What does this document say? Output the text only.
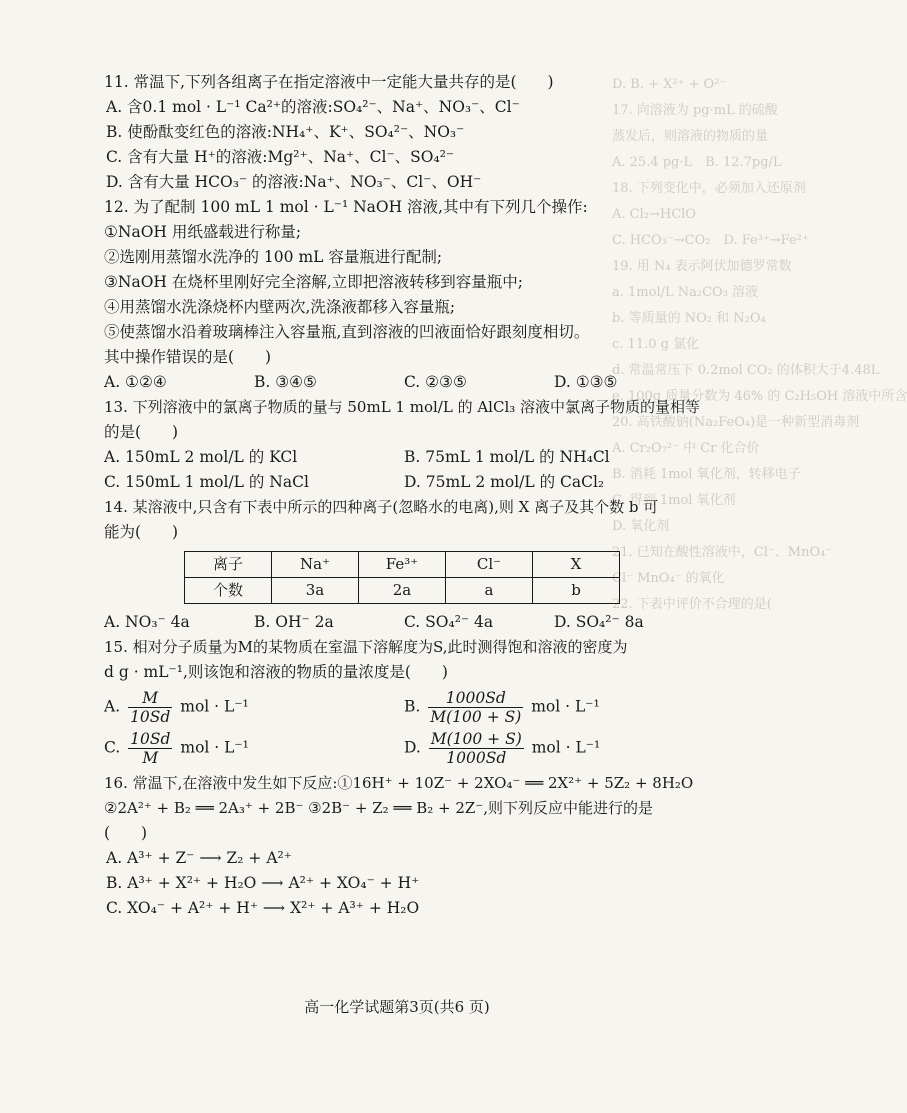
D. B. + X²⁺ + O²⁻
17. 向溶液为 pg·mL 的硫酸
蒸发后，则溶液的物质的量
A. 25.4 pg·L　B. 12.7pg/L
18. 下列变化中，必须加入还原剂
A. Cl₂→HClO
C. HCO₃⁻→CO₂　D. Fe³⁺→Fe²⁺
19. 用 N₄ 表示阿伏加德罗常数
a. 1mol/L Na₂CO₃ 溶液
b. 等质量的 NO₂ 和 N₂O₄
c. 11.0 g 氯化
d. 常温常压下 0.2mol CO₂ 的体积大于4.48L
e. 100g 质量分数为 46% 的 C₂H₅OH 溶液中所含
20. 高铁酸钠(Na₂FeO₄)是一种新型消毒剂
A. Cr₂O₇²⁻ 中 Cr 化合价
B. 消耗 1mol 氧化剂，转移电子
C. 得到 1mol 氧化剂
D. 氧化剂
21. 已知在酸性溶液中，Cl⁻、MnO₄⁻
Cl⁻ MnO₄⁻ 的氧化
22. 下表中评价不合理的是(
11. 常温下,下列各组离子在指定溶液中一定能大量共存的是(　　)
A. 含0.1 mol · L⁻¹ Ca²⁺的溶液:SO₄²⁻、Na⁺、NO₃⁻、Cl⁻
B. 使酚酞变红色的溶液:NH₄⁺、K⁺、SO₄²⁻、NO₃⁻
C. 含有大量 H⁺的溶液:Mg²⁺、Na⁺、Cl⁻、SO₄²⁻
D. 含有大量 HCO₃⁻ 的溶液:Na⁺、NO₃⁻、Cl⁻、OH⁻
12. 为了配制 100 mL 1 mol · L⁻¹ NaOH 溶液,其中有下列几个操作:
①NaOH 用纸盛载进行称量;
②选刚用蒸馏水洗净的 100 mL 容量瓶进行配制;
③NaOH 在烧杯里刚好完全溶解,立即把溶液转移到容量瓶中;
④用蒸馏水洗涤烧杯内壁两次,洗涤液都移入容量瓶;
⑤使蒸馏水沿着玻璃棒注入容量瓶,直到溶液的凹液面恰好跟刻度相切。
其中操作错误的是(　　)
A. ①②④	B. ③④⑤	C. ②③⑤	D. ①③⑤
13. 下列溶液中的氯离子物质的量与 50mL 1 mol/L 的 AlCl₃ 溶液中氯离子物质的量相等
的是(　　)
A. 150mL 2 mol/L 的 KCl	B. 75mL 1 mol/L 的 NH₄Cl
C. 150mL 1 mol/L 的 NaCl	D. 75mL 2 mol/L 的 CaCl₂
14. 某溶液中,只含有下表中所示的四种离子(忽略水的电离),则 X 离子及其个数 b 可
能为(　　)
离子	Na⁺	Fe³⁺	Cl⁻	X
个数	3a	2a	a	b
A. NO₃⁻ 4a	B. OH⁻ 2a	C. SO₄²⁻ 4a	D. SO₄²⁻ 8a
15. 相对分子质量为M的某物质在室温下溶解度为S,此时测得饱和溶液的密度为
d g · mL⁻¹,则该饱和溶液的物质的量浓度是(　　)
A. $\frac{M}{10Sd}$ mol · L⁻¹	B. $\frac{1000Sd}{M(100 + S)}$ mol · L⁻¹
C. $\frac{10Sd}{M}$ mol · L⁻¹	D. $\frac{M(100 + S)}{1000Sd}$ mol · L⁻¹
16. 常温下,在溶液中发生如下反应:①16H⁺ + 10Z⁻ + 2XO₄⁻ ══ 2X²⁺ + 5Z₂ + 8H₂O
②2A²⁺ + B₂ ══ 2A₃⁺ + 2B⁻ ③2B⁻ + Z₂ ══ B₂ + 2Z⁻,则下列反应中能进行的是
(　　)
A. A³⁺ + Z⁻ ⟶ Z₂ + A²⁺
B. A³⁺ + X²⁺ + H₂O ⟶ A²⁺ + XO₄⁻ + H⁺
C. XO₄⁻ + A²⁺ + H⁺ ⟶ X²⁺ + A³⁺ + H₂O
高一化学试题第3页(共6 页)
